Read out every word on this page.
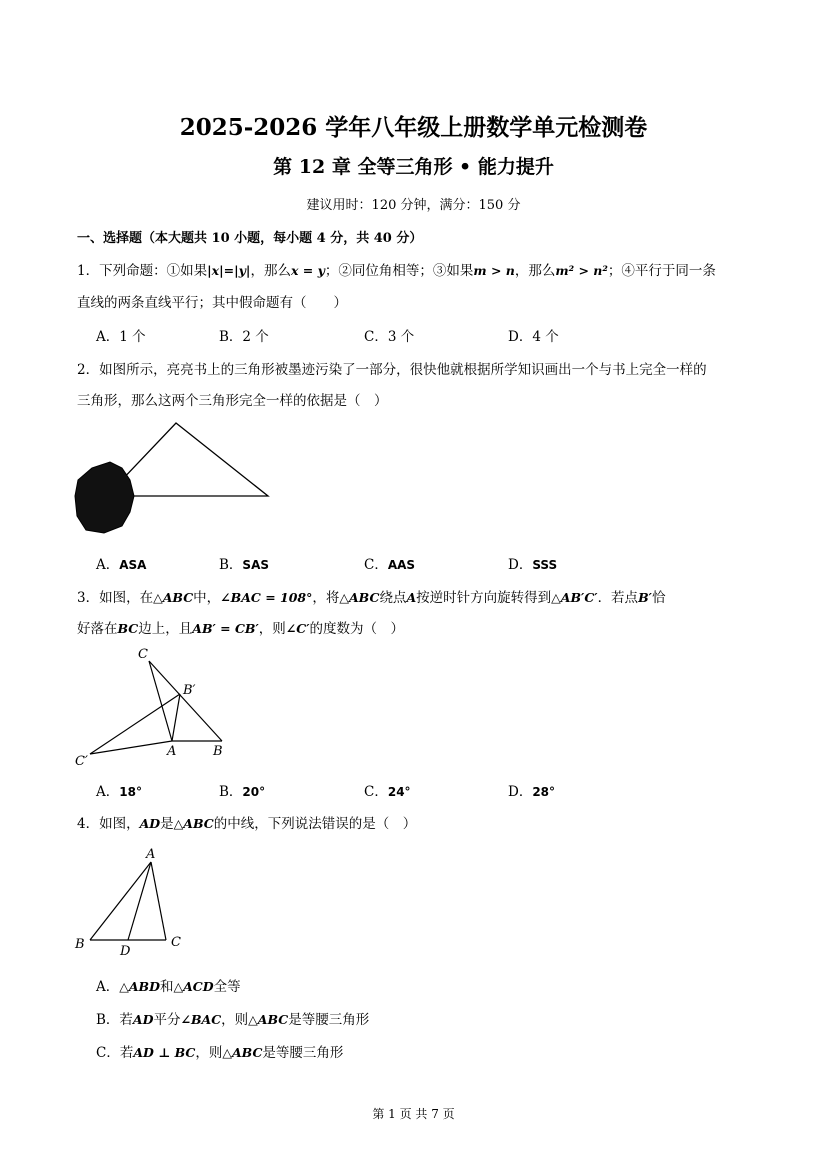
2025-2026 学年八年级上册数学单元检测卷
第 12 章 全等三角形 • 能力提升
建议用时：120 分钟，满分：150 分
一、选择题（本大题共 10 小题，每小题 4 分，共 40 分）
1．下列命题：①如果|x|=|y|，那么x = y；②同位角相等；③如果m > n，那么m² > n²；④平行于同一条
直线的两条直线平行；其中假命题有（　　）
A．1 个	B．2 个	C．3 个	D．4 个
2．如图所示，亮亮书上的三角形被墨迹污染了一部分，很快他就根据所学知识画出一个与书上完全一样的
三角形，那么这两个三角形完全一样的依据是（　）
A．ASA	B．SAS	C．AAS	D．SSS
3．如图，在△ABC中，∠BAC = 108°，将△ABC绕点A按逆时针方向旋转得到△AB′C′．若点B′恰
好落在BC边上，且AB′ = CB′，则∠C′的度数为（　）
C
B′
C′
A	B
A．18°	B．20°	C．24°	D．28°
4．如图，AD是△ABC的中线，下列说法错误的是（　）
A
B	D
C
A．△ABD和△ACD全等
B．若AD平分∠BAC，则△ABC是等腰三角形
C．若AD ⊥ BC，则△ABC是等腰三角形
第 1 页 共 7 页
